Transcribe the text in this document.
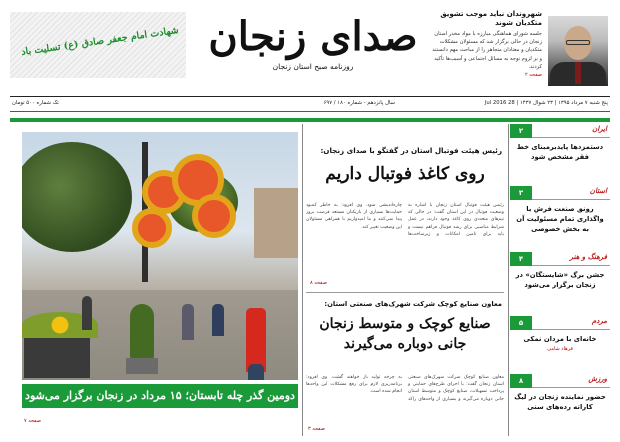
شهروندان نباید موجب تشویق متکدیان شوند

جلسه شورای هماهنگی مبارزه با مواد مخدر استان زنجان در حالی برگزار شد که مسئولان مشکلات متکدیان و معتادان متجاهر را از مباحث مهم دانستند و بر لزوم توجه به مسائل اجتماعی و آسیب‌ها تأکید کردند.

صفحه ۲
صدای زنجان
روزنامه صبح استان زنجان
شهادت امام جعفر صادق (ع) تسلیت باد
پنج شنبه ۷ مرداد ۱۳۹۵ | ۲۳ شوال ۱۴۳۷ | 28 Jul 2016
سال پانزدهم - شماره ۱۸۰ / ۶۹۷
تک شماره ۵۰۰ تومان
ایران
۲
دستمزدها پایدبرمبنای خط فقر مشخص شود
استان
۳
رونق صنعت فرش با واگذاری تمام مسئولیت آن به بخش خصوصی
فرهنگ و هنر
۴
جشن برگ «شایستگان» در زنجان برگزار می‌شود
مردم
۵
خانه‌ای با مردان نمکی
فرهاد شامی
ورزش
۸
حضور نماینده زنجان در لیگ کاراته رده‌های سنی
رئیس هیئت فوتبال استان در گفتگو با صدای زنجان:
روی کاغذ فوتبال داریم
رئیس هیئت فوتبال استان زنجان با اشاره به وضعیت فوتبال در این استان گفت: در حالی که تیم‌های متعددی روی کاغذ وجود دارند، در عمل شرایط مناسبی برای رشد فوتبال فراهم نیست و باید برای تامین امکانات و زیرساخت‌ها چاره‌اندیشی شود. وی افزود: به خاطر کمبود حمایت‌ها بسیاری از بازیکنان مستعد فرصت بروز پیدا نمی‌کنند و ما امیدواریم با همراهی مسئولان این وضعیت تغییر کند.
صفحه ۸
معاون صنایع کوچک شرکت شهرک‌های صنعتی استان:
صنایع کوچک و متوسط زنجان جانی دوباره می‌گیرند
معاون صنایع کوچک شرکت شهرک‌های صنعتی استان زنجان گفت: با اجرای طرح‌های حمایتی و پرداخت تسهیلات، صنایع کوچک و متوسط استان جانی دوباره می‌گیرند و بسیاری از واحدهای راکد به چرخه تولید باز خواهند گشت. وی افزود: برنامه‌ریزی لازم برای رفع مشکلات این واحدها انجام شده است.
صفحه ۳
دومین گذر چله تابستان؛ ۱۵ مرداد در زنجان برگزار می‌شود
صفحه ۷
